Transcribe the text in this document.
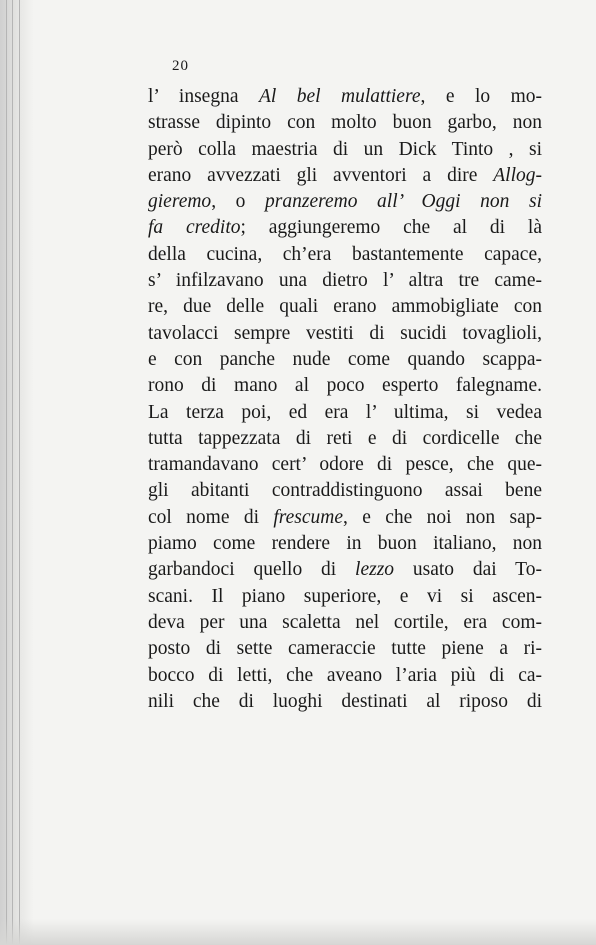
20
l’ insegna Al bel mulattiere, e lo mo-
strasse dipinto con molto buon garbo, non
però colla maestria di un Dick Tinto , si
erano avvezzati gli avventori a dire Allog-
gieremo, o pranzeremo all’ Oggi non si
fa credito; aggiungeremo che al di là
della cucina, ch’era bastantemente capace,
s’ infilzavano una dietro l’ altra tre came-
re, due delle quali erano ammobigliate con
tavolacci sempre vestiti di sucidi tovaglioli,
e con panche nude come quando scappa-
rono di mano al poco esperto falegname.
La terza poi, ed era l’ ultima, si vedea
tutta tappezzata di reti e di cordicelle che
tramandavano cert’ odore di pesce, che que-
gli abitanti contraddistinguono assai bene
col nome di frescume, e che noi non sap-
piamo come rendere in buon italiano, non
garbandoci quello di lezzo usato dai To-
scani. Il piano superiore, e vi si ascen-
deva per una scaletta nel cortile, era com-
posto di sette cameraccie tutte piene a ri-
bocco di letti, che aveano l’aria più di ca-
nili che di luoghi destinati al riposo di
